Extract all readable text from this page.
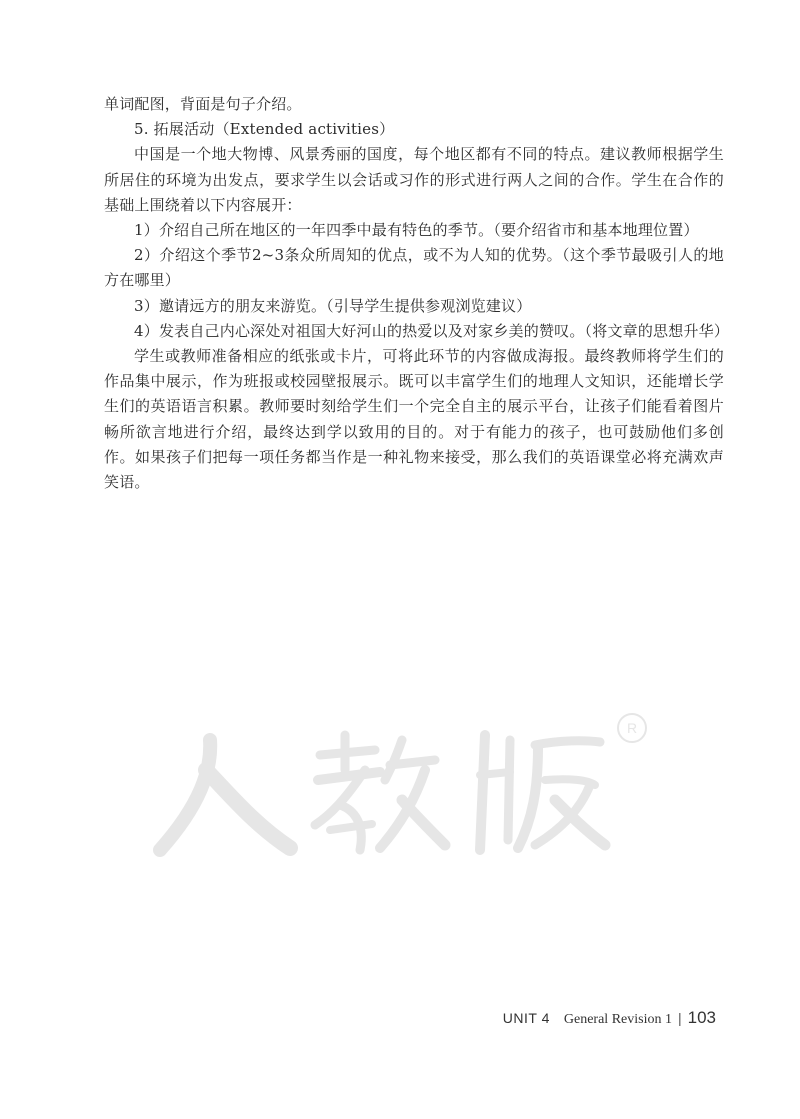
单词配图，背面是句子介绍。

5. 拓展活动（Extended activities）

中国是一个地大物博、风景秀丽的国度，每个地区都有不同的特点。建议教师根据学生所居住的环境为出发点，要求学生以会话或习作的形式进行两人之间的合作。学生在合作的基础上围绕着以下内容展开：

1）介绍自己所在地区的一年四季中最有特色的季节。（要介绍省市和基本地理位置）

2）介绍这个季节2~3条众所周知的优点，或不为人知的优势。（这个季节最吸引人的地方在哪里）

3）邀请远方的朋友来游览。（引导学生提供参观浏览建议）

4）发表自己内心深处对祖国大好河山的热爱以及对家乡美的赞叹。（将文章的思想升华）

学生或教师准备相应的纸张或卡片，可将此环节的内容做成海报。最终教师将学生们的作品集中展示，作为班报或校园壁报展示。既可以丰富学生们的地理人文知识，还能增长学生们的英语语言积累。教师要时刻给学生们一个完全自主的展示平台，让孩子们能看着图片畅所欲言地进行介绍，最终达到学以致用的目的。对于有能力的孩子，也可鼓励他们多创作。如果孩子们把每一项任务都当作是一种礼物来接受，那么我们的英语课堂必将充满欢声笑语。

R
UNIT 4 General Revision 1 | 103
